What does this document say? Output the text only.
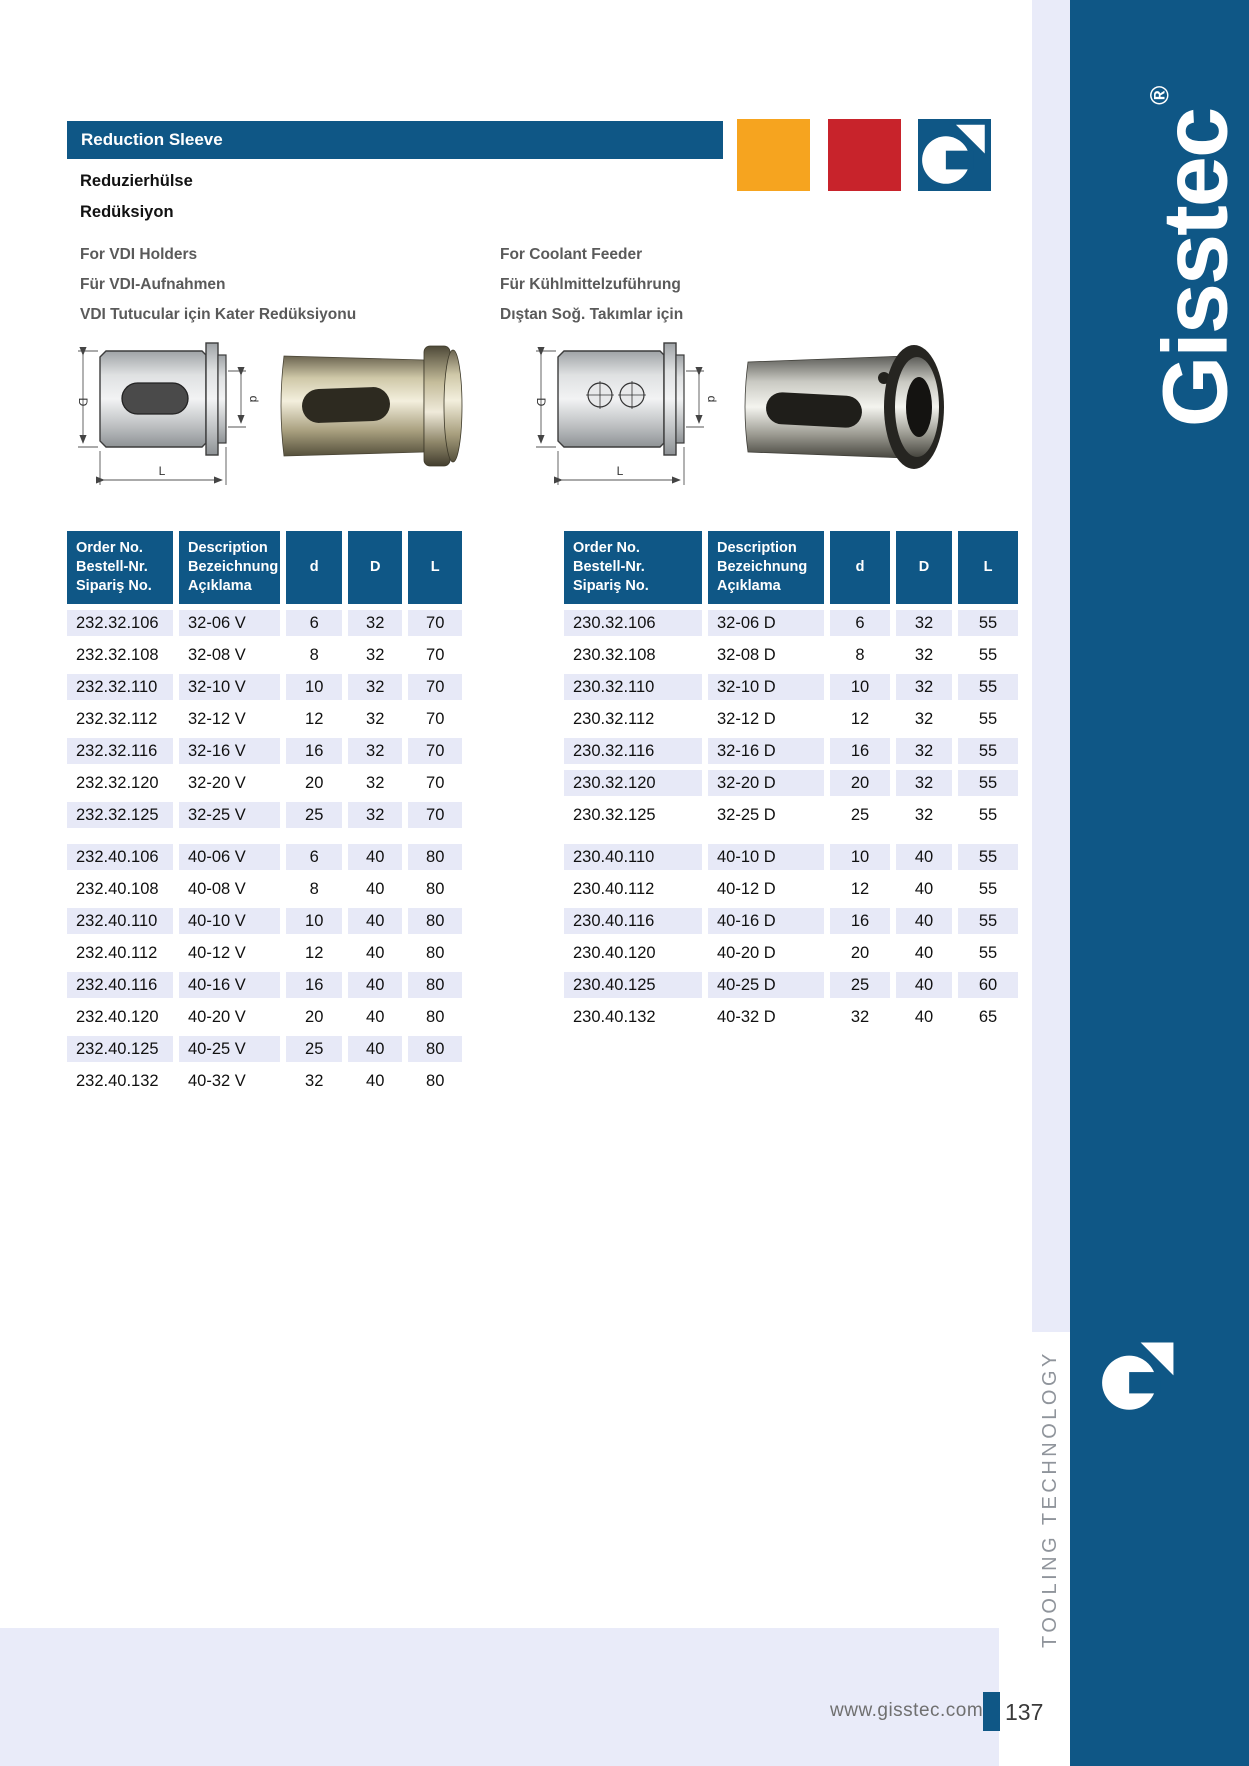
Gisstec®
TOOLING TECHNOLOGY
Reduction Sleeve
Reduzierhülse
Redüksiyon
For VDI Holders
Für VDI-Aufnahmen
VDI Tutucular için Kater Redüksiyonu
For Coolant Feeder
Für Kühlmittelzuführung
Dıştan Soğ. Takımlar için
D	d
L
D	d
L
Order No.
Bestell-Nr.
Sipariş No.

Description
Bezeichnung
Açıklama
	d	D	L
232.32.106	32-06 V	6	32	70
232.32.108	32-08 V	8	32	70
232.32.110	32-10 V	10	32	70
232.32.112	32-12 V	12	32	70
232.32.116	32-16 V	16	32	70
232.32.120	32-20 V	20	32	70
232.32.125	32-25 V	25	32	70

232.40.106	40-06 V	6	40	80
232.40.108	40-08 V	8	40	80
232.40.110	40-10 V	10	40	80
232.40.112	40-12 V	12	40	80
232.40.116	40-16 V	16	40	80
232.40.120	40-20 V	20	40	80
232.40.125	40-25 V	25	40	80
232.40.132	40-32 V	32	40	80
Order No.
Bestell-Nr.
Sipariş No.

Description
Bezeichnung
Açıklama
	d	D	L
230.32.106	32-06 D	6	32	55
230.32.108	32-08 D	8	32	55
230.32.110	32-10 D	10	32	55
230.32.112	32-12 D	12	32	55
230.32.116	32-16 D	16	32	55
230.32.120	32-20 D	20	32	55
230.32.125	32-25 D	25	32	55

230.40.110	40-10 D	10	40	55
230.40.112	40-12 D	12	40	55
230.40.116	40-16 D	16	40	55
230.40.120	40-20 D	20	40	55
230.40.125	40-25 D	25	40	60
230.40.132	40-32 D	32	40	65
www.gisstec.com 137
